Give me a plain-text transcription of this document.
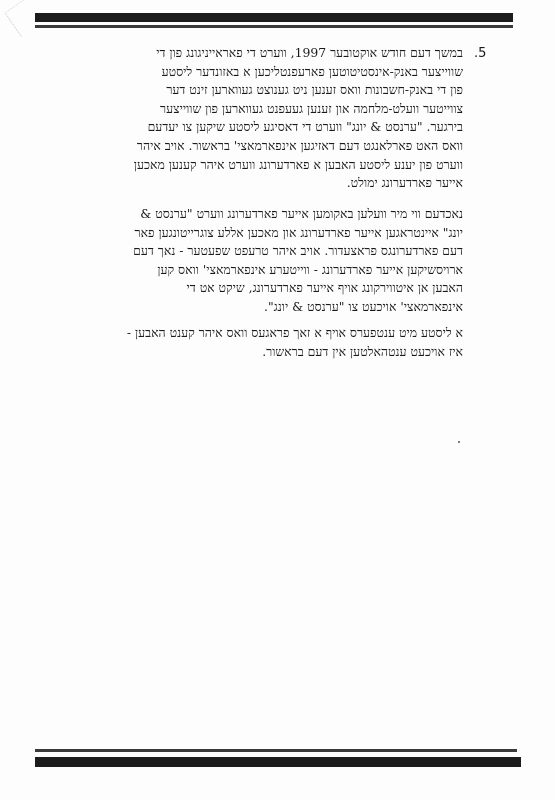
.5
במשך דעם חודש אוקטובער 1997, ווערט די פאראייניגונג פון די
שווייצער באנק-אינסטיטוטען פארעפנטליכען א באזונדער ליסטע
פון די באנק-חשבונות וואס זענען ניט גענוצט געווארען זינט דער
צווייטער וועלט-מלחמה און זענען געעפנט געווארען פון שווייצער
בירגער. "ערנסט & יונג" ווערט די דאסיגע ליסטע שיקען צו יעדעם
וואס האט פארלאנגט דעם דאזיגען אינפארמאצי' בראשור. אויב איהר
ווערט פון יענע ליסטע האבען א פארדערונג ווערט איהר קענען מאכען
אייער פארדערונג ימולט.
נאכדעם ווי מיר וועלען באקומען אייער פארדערונג ווערט "ערנסט &
יונג" איינטראגען אייער פארדערונג און מאכען אללע צוגרייטונגען פאר
דעם פארדערונגס פראצעדור. אויב איהר טרעפט שפעטער - נאך דעם
ארויסשיקען אייער פארדערונג - ווייטערע אינפארמאצי' וואס קען
האבען אן איטווירקונג אויף אייער פארדערונג, שיקט אט די
אינפארמאצי' אויכעט צו "ערנסט & יונג".
א ליסטע מיט ענטפערס אויף א זאך פראגעס וואס איהר קענט האבען -
איז אויכעט ענטהאלטען אין דעם בראשור.
